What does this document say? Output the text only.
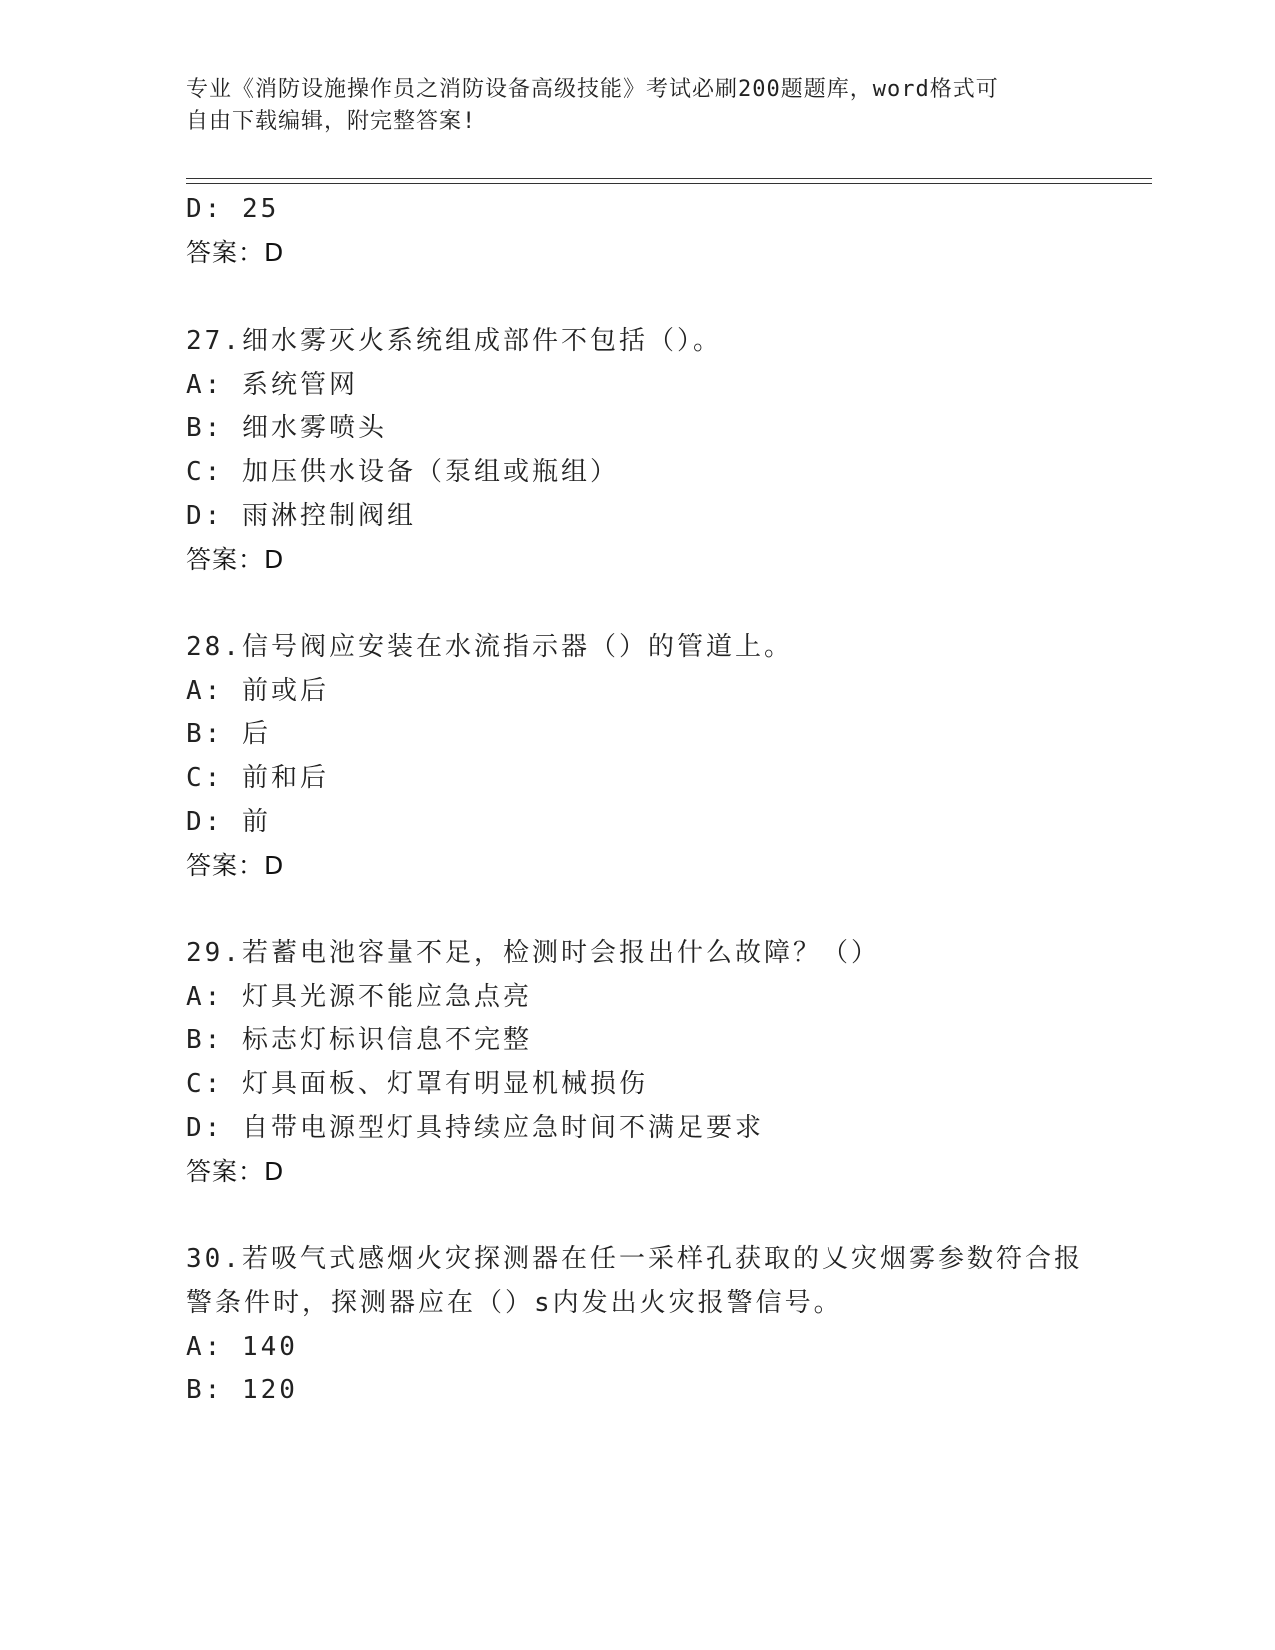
专业《消防设施操作员之消防设备高级技能》考试必刷200题题库，word格式可
自由下载编辑，附完整答案!
D: 25
答案：D
27.细水雾灭火系统组成部件不包括（）。
A: 系统管网
B: 细水雾喷头
C: 加压供水设备（泵组或瓶组）
D: 雨淋控制阀组
答案：D
28.信号阀应安装在水流指示器（）的管道上。
A: 前或后
B: 后
C: 前和后
D: 前
答案：D
29.若蓄电池容量不足，检测时会报出什么故障？（）
A: 灯具光源不能应急点亮
B: 标志灯标识信息不完整
C: 灯具面板、灯罩有明显机械损伤
D: 自带电源型灯具持续应急时间不满足要求
答案：D
30.若吸气式感烟火灾探测器在任一采样孔获取的乂灾烟雾参数符合报
警条件时，探测器应在（）s内发出火灾报警信号。
A: 140
B: 120
